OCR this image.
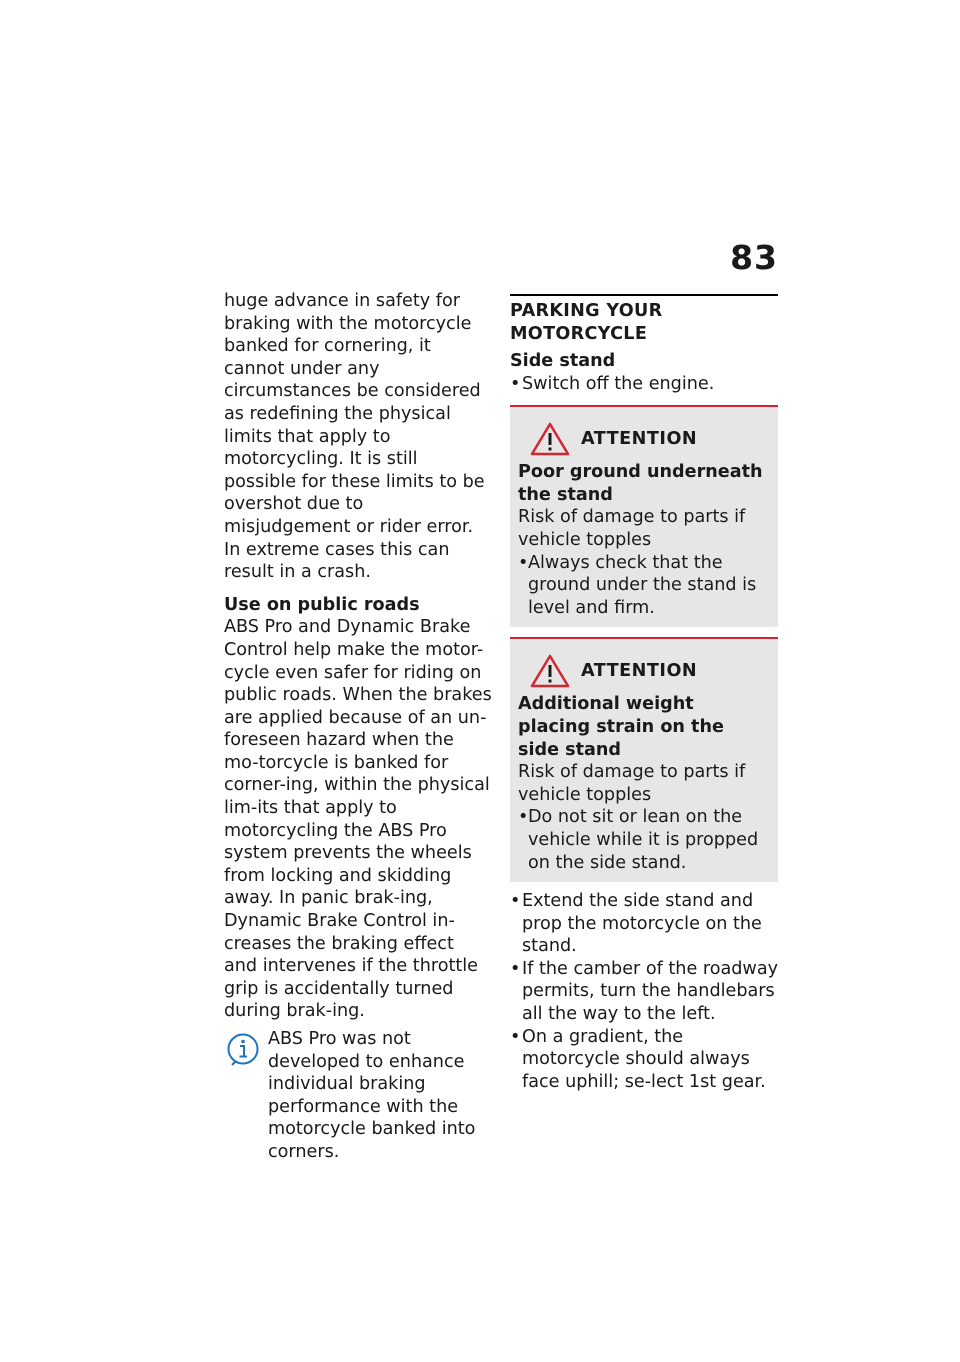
83

huge advance in safety for braking with the motorcycle banked for cornering, it cannot under any circumstances be considered as redefining the physical limits that apply to motorcycling. It is still possible for these limits to be overshot due to misjudgement or rider error. In extreme cases this can result in a crash.

Use on public roads

ABS Pro and Dynamic Brake Control help make the motor-cycle even safer for riding on public roads. When the brakes are applied because of an un-foreseen hazard when the mo-torcycle is banked for corner-ing, within the physical lim-its that apply to motorcycling the ABS Pro system prevents the wheels from locking and skidding away. In panic brak-ing, Dynamic Brake Control in-creases the braking effect and intervenes if the throttle grip is accidentally turned during brak-ing.

ABS Pro was not developed to enhance individual braking performance with the motorcycle banked into corners.

PARKING YOUR MOTORCYCLE
Side stand
• Switch off the engine.
ATTENTION

Poor ground underneath the stand

Risk of damage to parts if vehicle topples

• Always check that the ground under the stand is level and firm.
ATTENTION

Additional weight placing strain on the side stand

Risk of damage to parts if vehicle topples

• Do not sit or lean on the vehicle while it is propped on the side stand.
• Extend the side stand and prop the motorcycle on the stand.
• If the camber of the roadway permits, turn the handlebars all the way to the left.
• On a gradient, the motorcycle should always face uphill; se-lect 1st gear.
